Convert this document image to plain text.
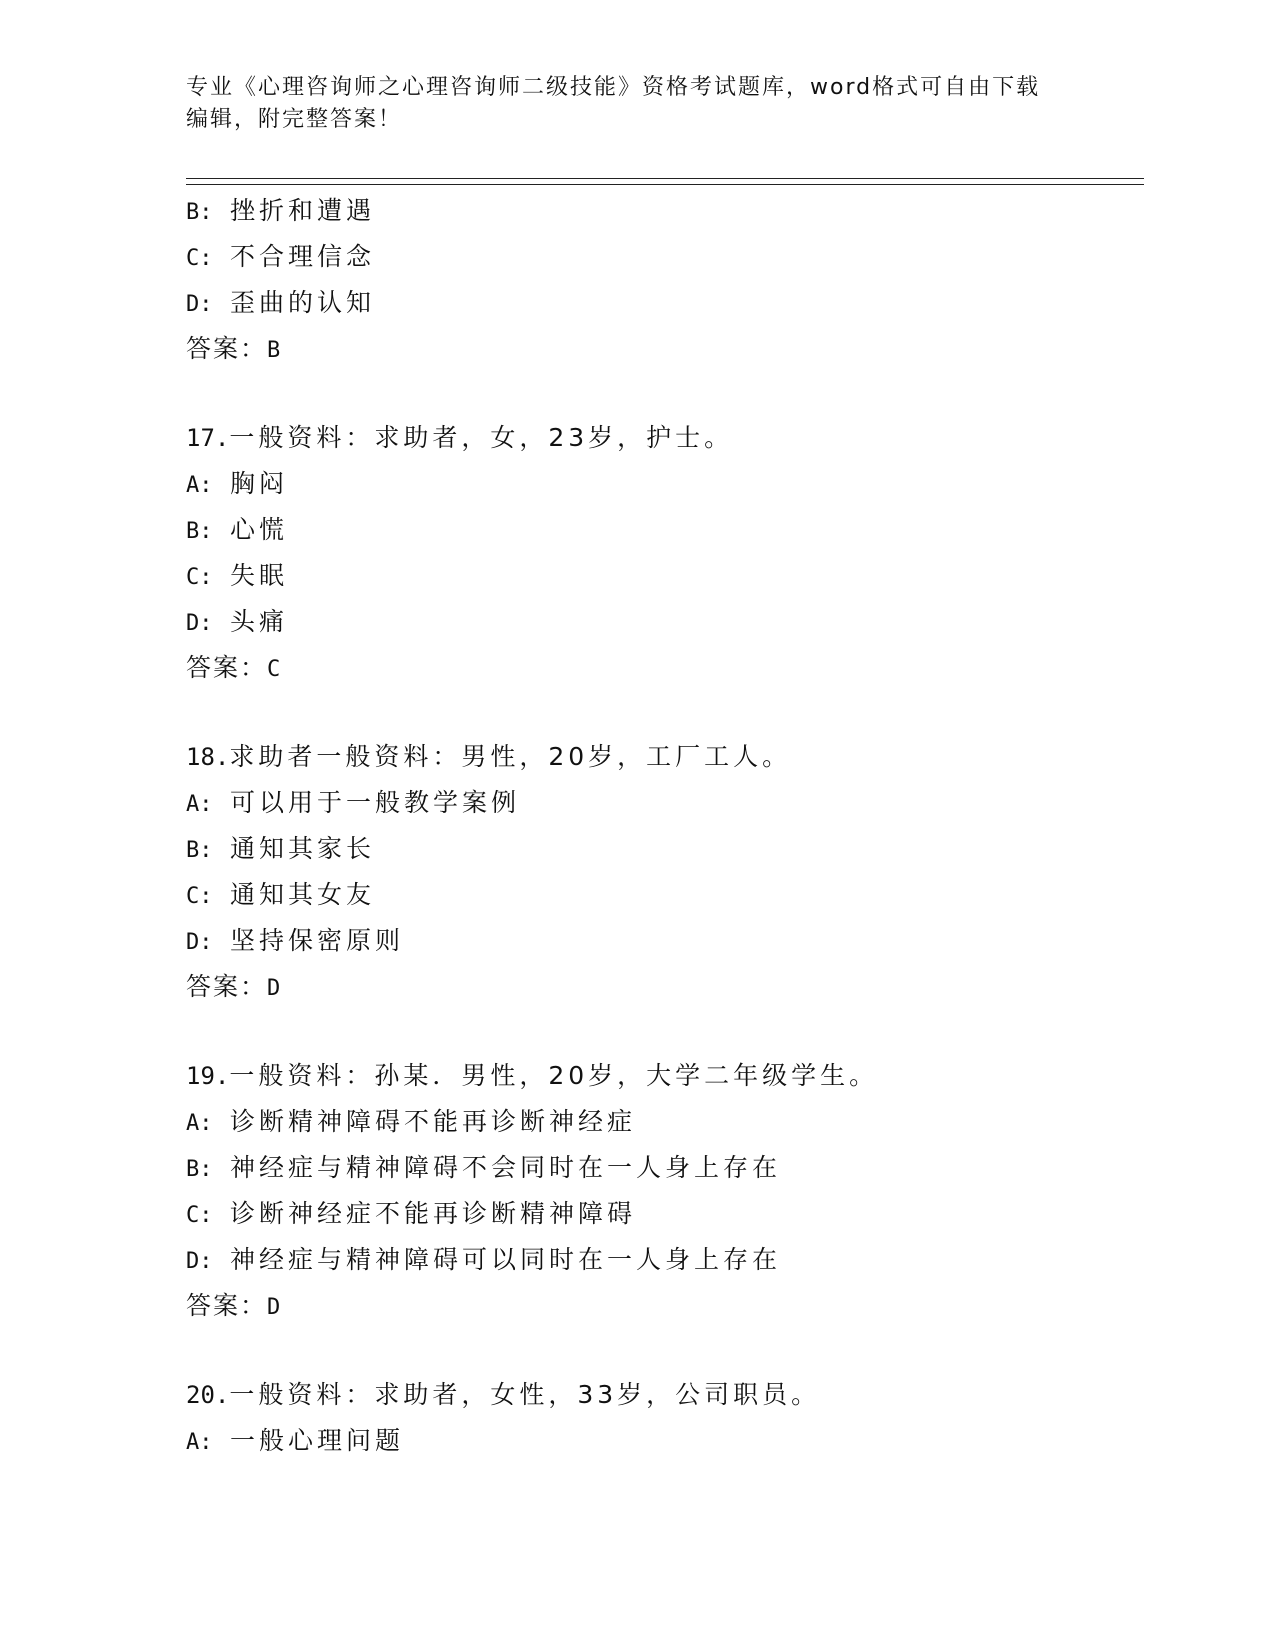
专业《心理咨询师之心理咨询师二级技能》资格考试题库，word格式可自由下载
编辑，附完整答案！
B: 挫折和遭遇
C: 不合理信念
D: 歪曲的认知
答案：B
17.一般资料：求助者，女，23岁，护士。
A: 胸闷
B: 心慌
C: 失眠
D: 头痛
答案：C
18.求助者一般资料：男性，20岁，工厂工人。
A: 可以用于一般教学案例
B: 通知其家长
C: 通知其女友
D: 坚持保密原则
答案：D
19.一般资料：孙某．男性，20岁，大学二年级学生。
A: 诊断精神障碍不能再诊断神经症
B: 神经症与精神障碍不会同时在一人身上存在
C: 诊断神经症不能再诊断精神障碍
D: 神经症与精神障碍可以同时在一人身上存在
答案：D
20.一般资料：求助者，女性，33岁，公司职员。
A: 一般心理问题
